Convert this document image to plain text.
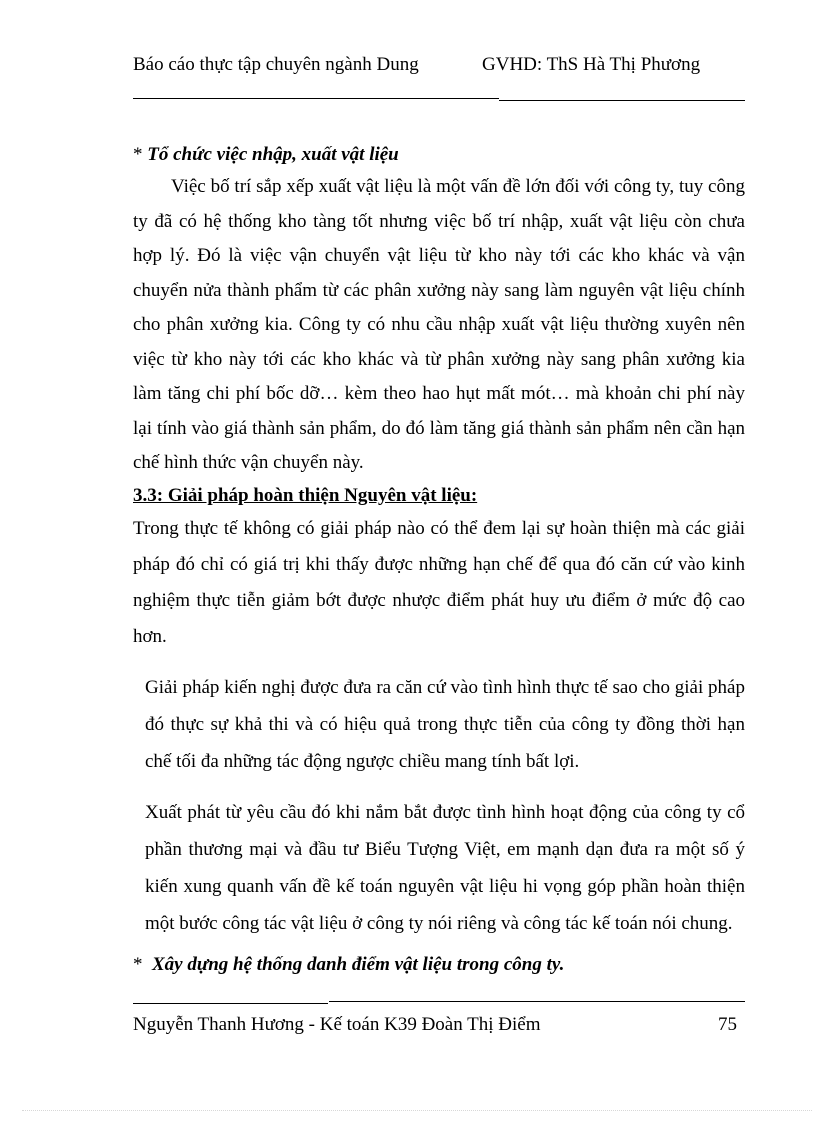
Báo cáo thực tập chuyên ngành Dung	GVHD: ThS Hà Thị Phương

* Tổ chức việc nhập, xuất vật liệu

Việc bố trí sắp xếp xuất vật liệu là một vấn đề lớn đối với công ty, tuy công ty đã có hệ thống kho tàng tốt nhưng việc bố trí nhập, xuất vật liệu còn chưa hợp lý. Đó là việc vận chuyển vật liệu từ kho này tới các kho khác và vận chuyển nửa thành phẩm từ các phân xưởng này sang làm nguyên vật liệu chính cho phân xưởng kia. Công ty có nhu cầu nhập xuất vật liệu thường xuyên nên việc từ kho này tới các kho khác và từ phân xưởng này sang phân xưởng kia làm tăng chi phí bốc dỡ… kèm theo hao hụt mất mót… mà khoản chi phí này lại tính vào giá thành sản phẩm, do đó làm tăng giá thành sản phẩm nên cần hạn chế hình thức vận chuyển này.

3.3: Giải pháp hoàn thiện Nguyên vật liệu:

Trong thực tế không có giải pháp nào có thể đem lại sự hoàn thiện mà các giải pháp đó chỉ có giá trị khi thấy được những hạn chế để qua đó căn cứ vào kinh nghiệm thực tiễn giảm bớt được nhược điểm phát huy ưu điểm ở mức độ cao hơn.

Giải pháp kiến nghị được đưa ra căn cứ vào tình hình thực tế sao cho giải pháp đó thực sự khả thi và có hiệu quả trong thực tiễn của công ty đồng thời hạn chế tối đa những tác động ngược chiều mang tính bất lợi.

Xuất phát từ yêu cầu đó khi nắm bắt được tình hình hoạt động của công ty cổ phần thương mại và đầu tư Biểu Tượng Việt, em mạnh dạn đưa ra một số ý kiến xung quanh vấn đề kế toán nguyên vật liệu hi vọng góp phần hoàn thiện một bước công tác vật liệu ở công ty nói riêng và công tác kế toán nói chung.

* Xây dựng hệ thống danh điểm vật liệu trong công ty.

Nguyễn Thanh Hương - Kế toán K39 Đoàn Thị Điểm	75
